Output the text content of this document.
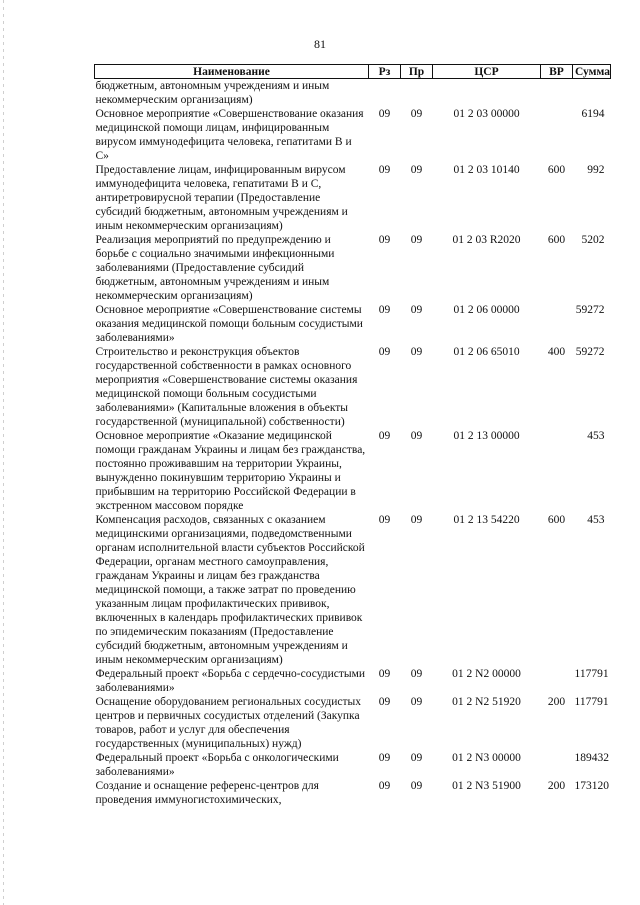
81
Наименование	Рз	Пр	ЦСР	ВР	Сумма
бюджетным, автономным учреждениям и иным некоммерческим организациям)					
Основное мероприятие «Совершенствование оказания медицинской помощи лицам, инфицированным вирусом иммунодефицита человека, гепатитами В и С»	09	09	01 2 03 00000		6194
Предоставление лицам, инфицированным вирусом иммунодефицита человека, гепатитами В и С, антиретровирусной терапии (Предоставление субсидий бюджетным, автономным учреждениям и иным некоммерческим организациям)	09	09	01 2 03 10140	600	992
Реализация мероприятий по предупреждению и борьбе с социально значимыми инфекционными заболеваниями (Предоставление субсидий бюджетным, автономным учреждениям и иным некоммерческим организациям)	09	09	01 2 03 R2020	600	5202
Основное мероприятие «Совершенствование системы оказания медицинской помощи больным сосудистыми заболеваниями»	09	09	01 2 06 00000		59272
Строительство и реконструкция объектов государственной собственности в рамках основного мероприятия «Совершенствование системы оказания медицинской помощи больным сосудистыми заболеваниями» (Капитальные вложения в объекты государственной (муниципальной) собственности)	09	09	01 2 06 65010	400	59272
Основное мероприятие «Оказание медицинской помощи гражданам Украины и лицам без гражданства, постоянно проживавшим на территории Украины, вынужденно покинувшим территорию Украины и прибывшим на территорию Российской Федерации в экстренном массовом порядке	09	09	01 2 13 00000		453
Компенсация расходов, связанных с оказанием медицинскими организациями, подведомственными органам исполнительной власти субъектов Российской Федерации, органам местного самоуправления, гражданам Украины и лицам без гражданства медицинской помощи, а также затрат по проведению указанным лицам профилактических прививок, включенных в календарь профилактических прививок по эпидемическим показаниям (Предоставление субсидий бюджетным, автономным учреждениям и иным некоммерческим организациям)	09	09	01 2 13 54220	600	453
Федеральный проект «Борьба с сердечно-сосудистыми заболеваниями»	09	09	01 2 N2 00000		117791
Оснащение оборудованием региональных сосудистых центров и первичных сосудистых отделений (Закупка товаров, работ и услуг для обеспечения государственных (муниципальных) нужд)	09	09	01 2 N2 51920	200	117791
Федеральный проект «Борьба с онкологическими заболеваниями»	09	09	01 2 N3 00000		189432
Создание и оснащение референс-центров для проведения иммуногистохимических,	09	09	01 2 N3 51900	200	173120
